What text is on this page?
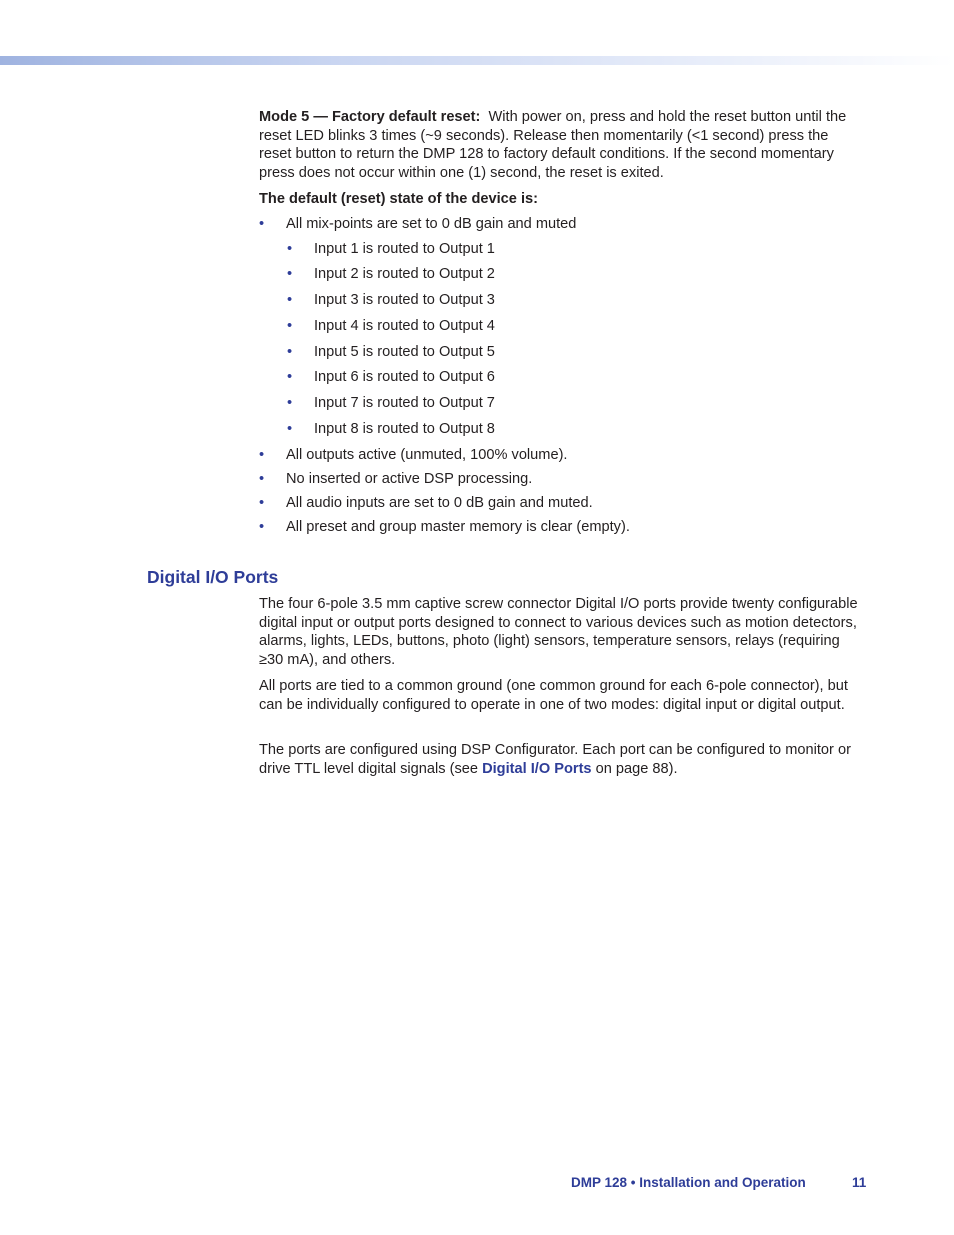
Mode 5 — Factory default reset: With power on, press and hold the reset button until the reset LED blinks 3 times (~9 seconds). Release then momentarily (<1 second) press the reset button to return the DMP 128 to factory default conditions. If the second momentary press does not occur within one (1) second, the reset is exited.

The default (reset) state of the device is:
• All mix-points are set to 0 dB gain and muted
• Input 1 is routed to Output 1
• Input 2 is routed to Output 2
• Input 3 is routed to Output 3
• Input 4 is routed to Output 4
• Input 5 is routed to Output 5
• Input 6 is routed to Output 6
• Input 7 is routed to Output 7
• Input 8 is routed to Output 8
• All outputs active (unmuted, 100% volume).
• No inserted or active DSP processing.
• All audio inputs are set to 0 dB gain and muted.
• All preset and group master memory is clear (empty).
Digital I/O Ports
The four 6-pole 3.5 mm captive screw connector Digital I/O ports provide twenty configurable digital input or output ports designed to connect to various devices such as motion detectors, alarms, lights, LEDs, buttons, photo (light) sensors, temperature sensors, relays (requiring ≥30 mA), and others.
All ports are tied to a common ground (one common ground for each 6-pole connector), but can be individually configured to operate in one of two modes: digital input or digital output.

The ports are configured using DSP Configurator. Each port can be configured to monitor or drive TTL level digital signals (see Digital I/O Ports on page 88).

DMP 128 • Installation and Operation	11
